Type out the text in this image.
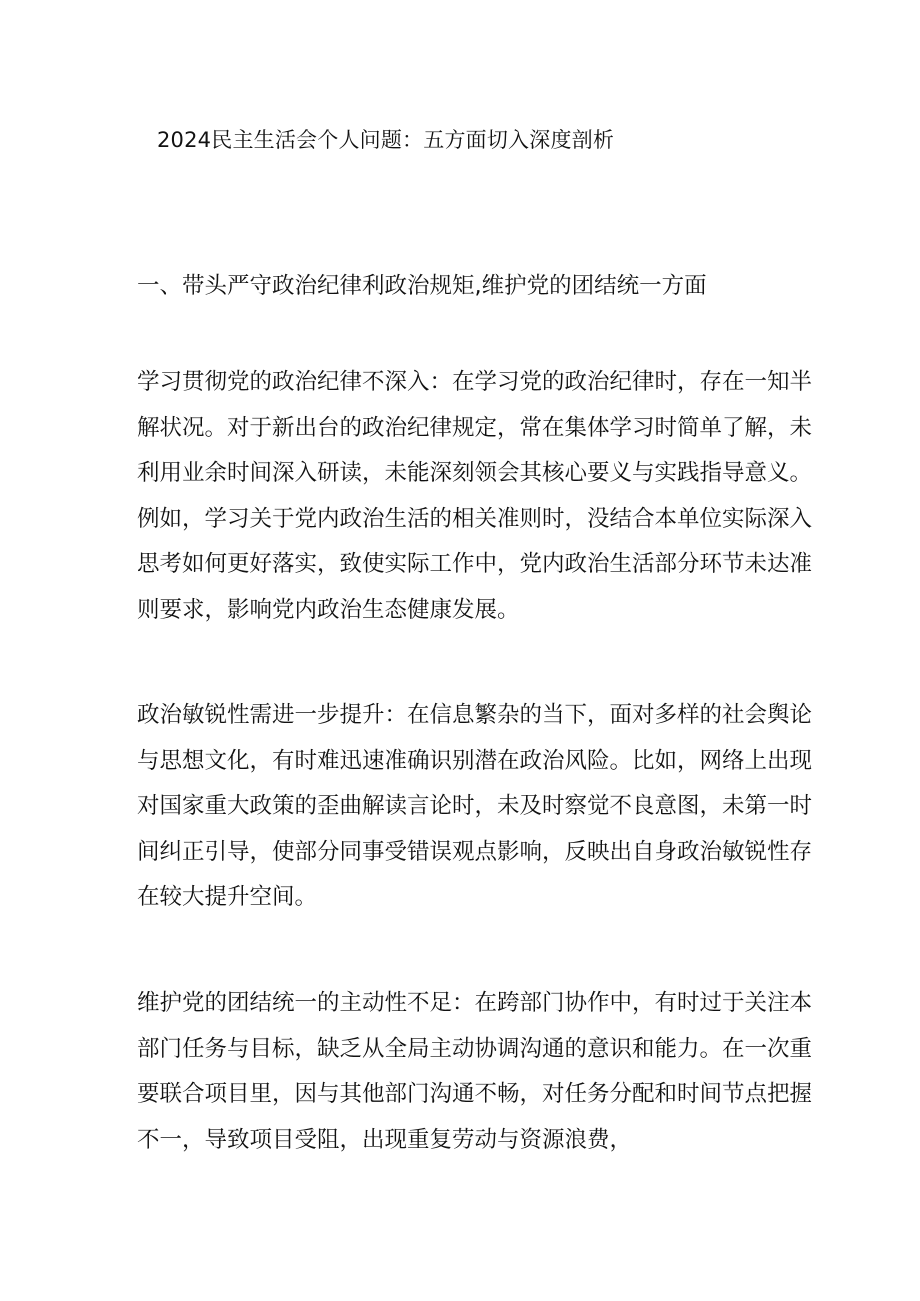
2024民主生活会个人问题：五方面切入深度剖析
一、带头严守政治纪律利政治规矩,维护党的团结统一方面
学习贯彻党的政治纪律不深入：在学习党的政治纪律时，存在一知半
解状况。对于新出台的政治纪律规定，常在集体学习时简单了解，未
利用业余时间深入研读，未能深刻领会其核心要义与实践指导意义。
例如，学习关于党内政治生活的相关准则时，没结合本单位实际深入
思考如何更好落实，致使实际工作中，党内政治生活部分环节未达准
则要求，影响党内政治生态健康发展。
政治敏锐性需进一步提升：在信息繁杂的当下，面对多样的社会舆论
与思想文化，有时难迅速准确识别潜在政治风险。比如，网络上出现
对国家重大政策的歪曲解读言论时，未及时察觉不良意图，未第一时
间纠正引导，使部分同事受错误观点影响，反映出自身政治敏锐性存
在较大提升空间。
维护党的团结统一的主动性不足：在跨部门协作中，有时过于关注本
部门任务与目标，缺乏从全局主动协调沟通的意识和能力。在一次重
要联合项目里，因与其他部门沟通不畅，对任务分配和时间节点把握
不一，导致项目受阻，出现重复劳动与资源浪费，
